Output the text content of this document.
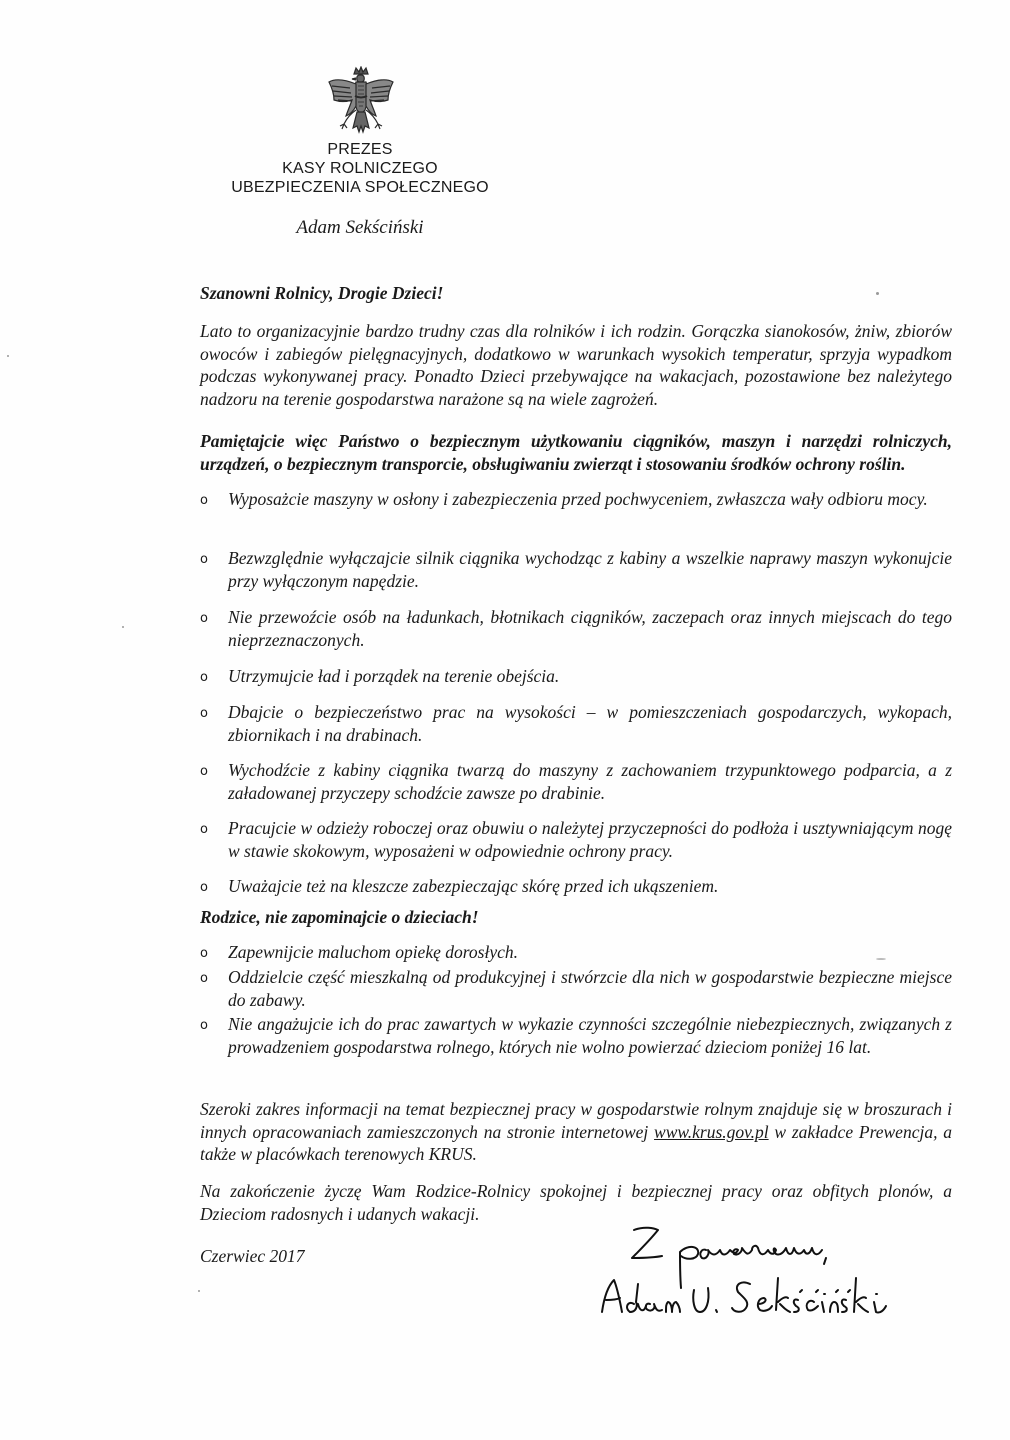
PREZES
KASY ROLNICZEGO
UBEZPIECZENIA SPOŁECZNEGO
Adam Sekściński

Szanowni Rolnicy, Drogie Dzieci!

Lato to organizacyjnie bardzo trudny czas dla rolników i ich rodzin. Gorączka sianokosów, żniw, zbiorów owoców i zabiegów pielęgnacyjnych, dodatkowo w warunkach wysokich temperatur, sprzyja wypadkom podczas wykonywanej pracy. Ponadto Dzieci przebywające na wakacjach, pozostawione bez należytego nadzoru na terenie gospodarstwa narażone są na wiele zagrożeń.

Pamiętajcie więc Państwo o bezpiecznym użytkowaniu ciągników, maszyn i narzędzi rolniczych, urządzeń, o bezpiecznym transporcie, obsługiwaniu zwierząt i stosowaniu środków ochrony roślin.

o Wyposażcie maszyny w osłony i zabezpieczenia przed pochwyceniem, zwłaszcza wały odbioru mocy.
o Bezwzględnie wyłączajcie silnik ciągnika wychodząc z kabiny a wszelkie naprawy maszyn wykonujcie przy wyłączonym napędzie.
o Nie przewoźcie osób na ładunkach, błotnikach ciągników, zaczepach oraz innych miejscach do tego nieprzeznaczonych.
o Utrzymujcie ład i porządek na terenie obejścia.
o Dbajcie o bezpieczeństwo prac na wysokości – w pomieszczeniach gospodarczych, wykopach, zbiornikach i na drabinach.
o Wychodźcie z kabiny ciągnika twarzą do maszyny z zachowaniem trzypunktowego podparcia, a z załadowanej przyczepy schodźcie zawsze po drabinie.
o Pracujcie w odzieży roboczej oraz obuwiu o należytej przyczepności do podłoża i usztywniającym nogę w stawie skokowym, wyposażeni w odpowiednie ochrony pracy.
o Uważajcie też na kleszcze zabezpieczając skórę przed ich ukąszeniem.

Rodzice, nie zapominajcie o dzieciach!

o Zapewnijcie maluchom opiekę dorosłych.
o Oddzielcie część mieszkalną od produkcyjnej i stwórzcie dla nich w gospodarstwie bezpieczne miejsce do zabawy.
o Nie angażujcie ich do prac zawartych w wykazie czynności szczególnie niebezpiecznych, związanych z prowadzeniem gospodarstwa rolnego, których nie wolno powierzać dzieciom poniżej 16 lat.

Szeroki zakres informacji na temat bezpiecznej pracy w gospodarstwie rolnym znajduje się w broszurach i innych opracowaniach zamieszczonych na stronie internetowej www.krus.gov.pl w zakładce Prewencja, a także w placówkach terenowych KRUS.

Na zakończenie życzę Wam Rodzice-Rolnicy spokojnej i bezpiecznej pracy oraz obfitych plonów, a Dzieciom radosnych i udanych wakacji.

Czerwiec 2017
